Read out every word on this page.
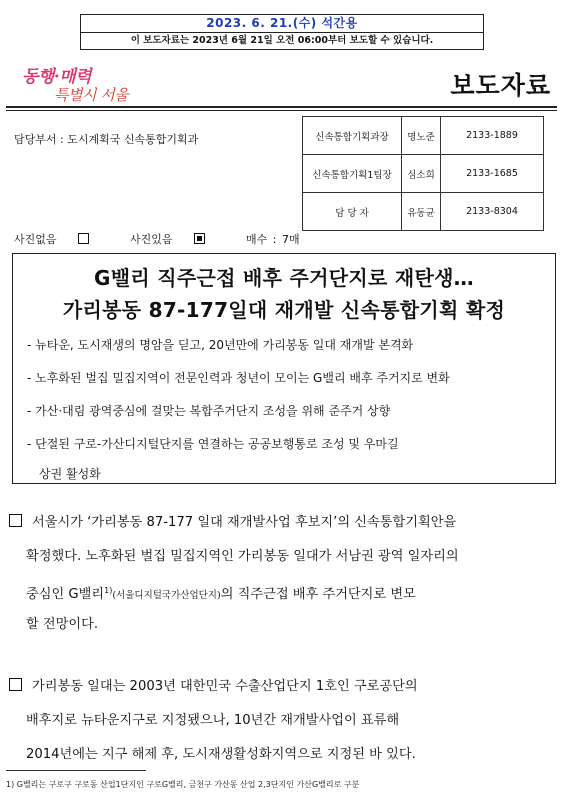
2023. 6. 21.(수) 석간용
이 보도자료는 2023년 6월 21일 오전 06:00부터 보도할 수 있습니다.
동행·매력
특별시 서울	보도자료
담당부서 : 도시계획국 신속통합기획과	신속통합기획과장	명노준	2133-1889
신속통합기획1팀장	심소희	2133-1685
담 당 자	유동균	2133-8304
사진없음	사진있음	매수 : 7매
G밸리 직주근접 배후 주거단지로 재탄생…
가리봉동 87-177일대 재개발 신속통합기획 확정
- 뉴타운, 도시재생의 명암을 딛고, 20년만에 가리봉동 일대 재개발 본격화
- 노후화된 벌집 밀집지역이 전문인력과 청년이 모이는 G밸리 배후 주거지로 변화
- 가산·대림 광역중심에 걸맞는 복합주거단지 조성을 위해 준주거 상향
- 단절된 구로-가산디지털단지를 연결하는 공공보행통로 조성 및 우마길
상권 활성화
서울시가 ‘가리봉동 87-177 일대 재개발사업 후보지’의 신속통합기획안을
확정했다. 노후화된 벌집 밀집지역인 가리봉동 일대가 서남권 광역 일자리의
중심인 G밸리$^{1)}$(서울디지털국가산업단지)의 직주근접 배후 주거단지로 변모
할 전망이다.
가리봉동 일대는 2003년 대한민국 수출산업단지 1호인 구로공단의
배후지로 뉴타운지구로 지정됐으나, 10년간 재개발사업이 표류해
2014년에는 지구 해제 후, 도시재생활성화지역으로 지정된 바 있다.
1) G밸리는 구로구 구로동 산업1단지인 구로G밸리, 금천구 가산동 산업 2,3단지인 가산G밸리로 구분
